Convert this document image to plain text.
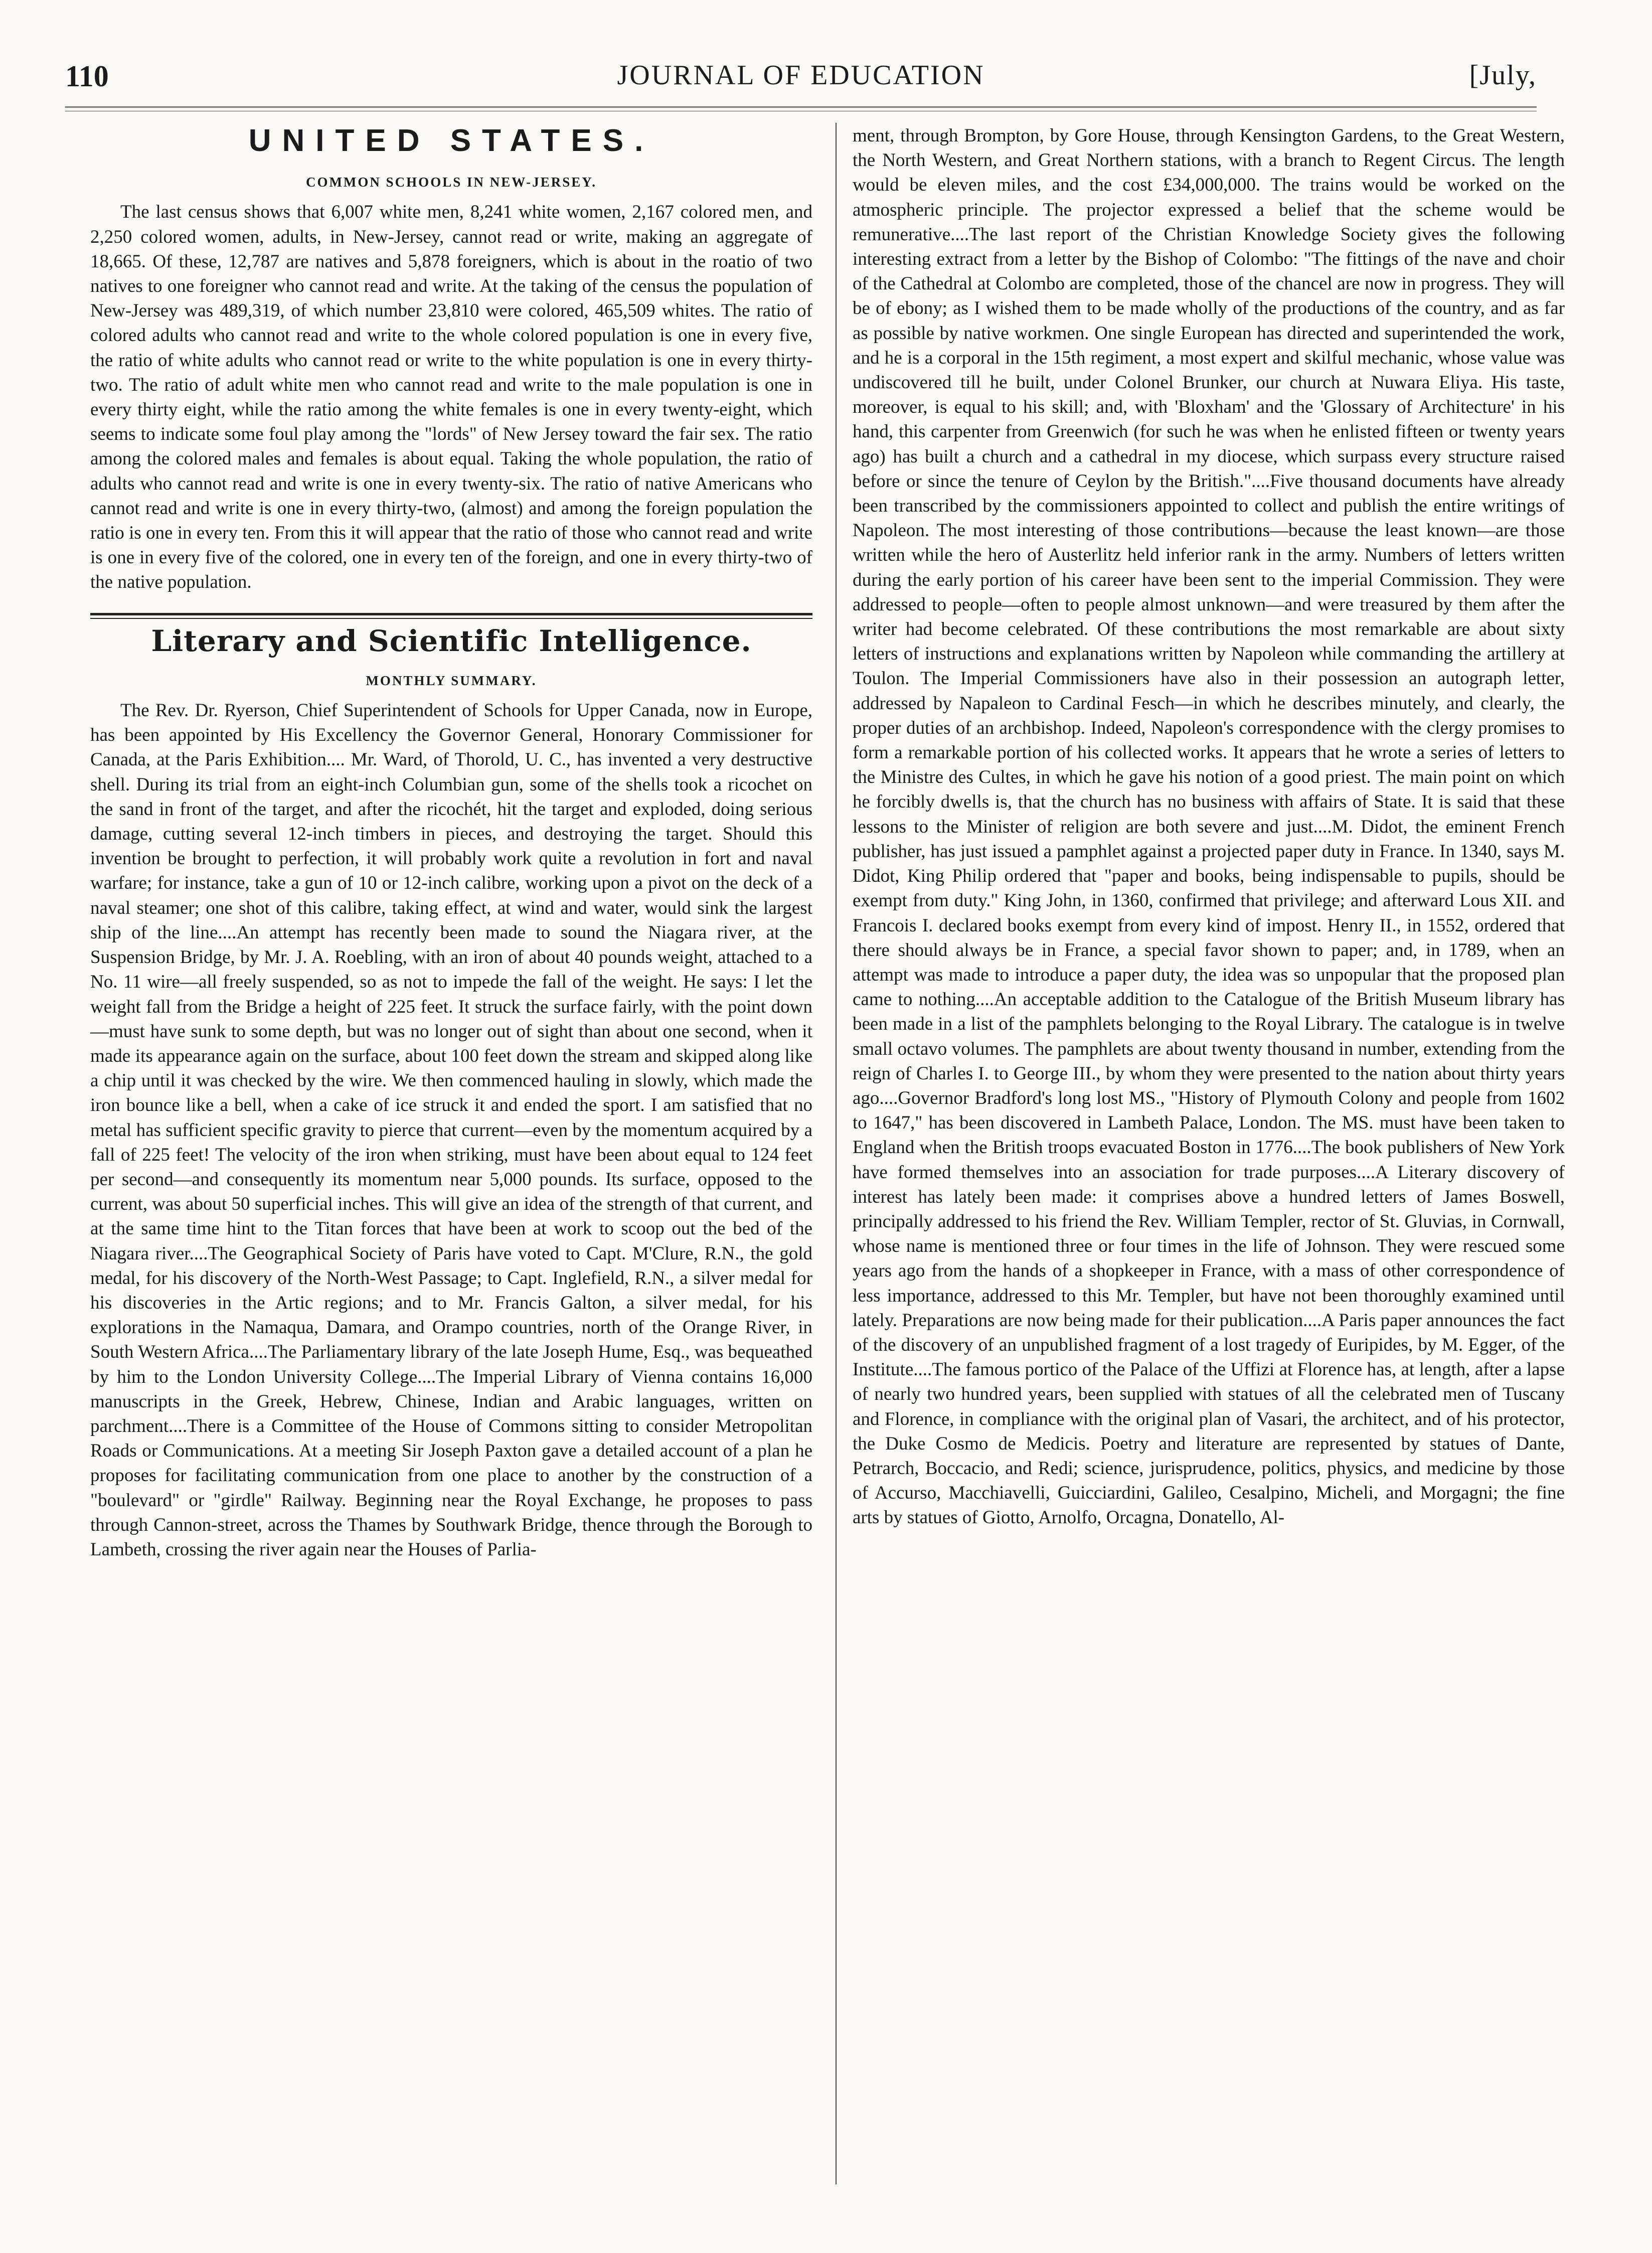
110	JOURNAL OF EDUCATION	[July,
UNITED STATES.
COMMON SCHOOLS IN NEW-JERSEY.

The last census shows that 6,007 white men, 8,241 white women, 2,167 colored men, and 2,250 colored women, adults, in New-Jersey, cannot read or write, making an aggregate of 18,665. Of these, 12,787 are natives and 5,878 foreigners, which is about in the roatio of two natives to one foreigner who cannot read and write. At the taking of the census the population of New-Jersey was 489,319, of which number 23,810 were colored, 465,509 whites. The ratio of colored adults who cannot read and write to the whole colored population is one in every five, the ratio of white adults who cannot read or write to the white population is one in every thirty-two. The ratio of adult white men who cannot read and write to the male population is one in every thirty eight, while the ratio among the white females is one in every twenty-eight, which seems to indicate some foul play among the "lords" of New Jersey toward the fair sex. The ratio among the colored males and females is about equal. Taking the whole population, the ratio of adults who cannot read and write is one in every twenty-six. The ratio of native Americans who cannot read and write is one in every thirty-two, (almost) and among the foreign population the ratio is one in every ten. From this it will appear that the ratio of those who cannot read and write is one in every five of the colored, one in every ten of the foreign, and one in every thirty-two of the native population.

Literary and Scientific Intelligence.
MONTHLY SUMMARY.

The Rev. Dr. Ryerson, Chief Superintendent of Schools for Upper Canada, now in Europe, has been appointed by His Excellency the Governor General, Honorary Commissioner for Canada, at the Paris Exhibition.... Mr. Ward, of Thorold, U. C., has invented a very destructive shell. During its trial from an eight-inch Columbian gun, some of the shells took a ricochet on the sand in front of the target, and after the ricochét, hit the target and exploded, doing serious damage, cutting several 12-inch timbers in pieces, and destroying the target. Should this invention be brought to perfection, it will probably work quite a revolution in fort and naval warfare; for instance, take a gun of 10 or 12-inch calibre, working upon a pivot on the deck of a naval steamer; one shot of this calibre, taking effect, at wind and water, would sink the largest ship of the line....An attempt has recently been made to sound the Niagara river, at the Suspension Bridge, by Mr. J. A. Roebling, with an iron of about 40 pounds weight, attached to a No. 11 wire—all freely suspended, so as not to impede the fall of the weight. He says: I let the weight fall from the Bridge a height of 225 feet. It struck the surface fairly, with the point down—must have sunk to some depth, but was no longer out of sight than about one second, when it made its appearance again on the surface, about 100 feet down the stream and skipped along like a chip until it was checked by the wire. We then commenced hauling in slowly, which made the iron bounce like a bell, when a cake of ice struck it and ended the sport. I am satisfied that no metal has sufficient specific gravity to pierce that current—even by the momentum acquired by a fall of 225 feet! The velocity of the iron when striking, must have been about equal to 124 feet per second—and consequently its momentum near 5,000 pounds. Its surface, opposed to the current, was about 50 superficial inches. This will give an idea of the strength of that current, and at the same time hint to the Titan forces that have been at work to scoop out the bed of the Niagara river....The Geographical Society of Paris have voted to Capt. M'Clure, R.N., the gold medal, for his discovery of the North-West Passage; to Capt. Inglefield, R.N., a silver medal for his discoveries in the Artic regions; and to Mr. Francis Galton, a silver medal, for his explorations in the Namaqua, Damara, and Orampo countries, north of the Orange River, in South Western Africa....The Parliamentary library of the late Joseph Hume, Esq., was bequeathed by him to the London University College....The Imperial Library of Vienna contains 16,000 manuscripts in the Greek, Hebrew, Chinese, Indian and Arabic languages, written on parchment....There is a Committee of the House of Commons sitting to consider Metropolitan Roads or Communications. At a meeting Sir Joseph Paxton gave a detailed account of a plan he proposes for facilitating communication from one place to another by the construction of a "boulevard" or "girdle" Railway. Beginning near the Royal Exchange, he proposes to pass through Cannon-street, across the Thames by Southwark Bridge, thence through the Borough to Lambeth, crossing the river again near the Houses of Parlia-

ment, through Brompton, by Gore House, through Kensington Gardens, to the Great Western, the North Western, and Great Northern stations, with a branch to Regent Circus. The length would be eleven miles, and the cost £34,000,000. The trains would be worked on the atmospheric principle. The projector expressed a belief that the scheme would be remunerative....The last report of the Christian Knowledge Society gives the following interesting extract from a letter by the Bishop of Colombo: "The fittings of the nave and choir of the Cathedral at Colombo are completed, those of the chancel are now in progress. They will be of ebony; as I wished them to be made wholly of the productions of the country, and as far as possible by native workmen. One single European has directed and superintended the work, and he is a corporal in the 15th regiment, a most expert and skilful mechanic, whose value was undiscovered till he built, under Colonel Brunker, our church at Nuwara Eliya. His taste, moreover, is equal to his skill; and, with 'Bloxham' and the 'Glossary of Architecture' in his hand, this carpenter from Greenwich (for such he was when he enlisted fifteen or twenty years ago) has built a church and a cathedral in my diocese, which surpass every structure raised before or since the tenure of Ceylon by the British."....Five thousand documents have already been transcribed by the commissioners appointed to collect and publish the entire writings of Napoleon. The most interesting of those contributions—because the least known—are those written while the hero of Austerlitz held inferior rank in the army. Numbers of letters written during the early portion of his career have been sent to the imperial Commission. They were addressed to people—often to people almost unknown—and were treasured by them after the writer had become celebrated. Of these contributions the most remarkable are about sixty letters of instructions and explanations written by Napoleon while commanding the artillery at Toulon. The Imperial Commissioners have also in their possession an autograph letter, addressed by Napaleon to Cardinal Fesch—in which he describes minutely, and clearly, the proper duties of an archbishop. Indeed, Napoleon's correspondence with the clergy promises to form a remarkable portion of his collected works. It appears that he wrote a series of letters to the Ministre des Cultes, in which he gave his notion of a good priest. The main point on which he forcibly dwells is, that the church has no business with affairs of State. It is said that these lessons to the Minister of religion are both severe and just....M. Didot, the eminent French publisher, has just issued a pamphlet against a projected paper duty in France. In 1340, says M. Didot, King Philip ordered that "paper and books, being indispensable to pupils, should be exempt from duty." King John, in 1360, confirmed that privilege; and afterward Lous XII. and Francois I. declared books exempt from every kind of impost. Henry II., in 1552, ordered that there should always be in France, a special favor shown to paper; and, in 1789, when an attempt was made to introduce a paper duty, the idea was so unpopular that the proposed plan came to nothing....An acceptable addition to the Catalogue of the British Museum library has been made in a list of the pamphlets belonging to the Royal Library. The catalogue is in twelve small octavo volumes. The pamphlets are about twenty thousand in number, extending from the reign of Charles I. to George III., by whom they were presented to the nation about thirty years ago....Governor Bradford's long lost MS., "History of Plymouth Colony and people from 1602 to 1647," has been discovered in Lambeth Palace, London. The MS. must have been taken to England when the British troops evacuated Boston in 1776....The book publishers of New York have formed themselves into an association for trade purposes....A Literary discovery of interest has lately been made: it comprises above a hundred letters of James Boswell, principally addressed to his friend the Rev. William Templer, rector of St. Gluvias, in Cornwall, whose name is mentioned three or four times in the life of Johnson. They were rescued some years ago from the hands of a shopkeeper in France, with a mass of other correspondence of less importance, addressed to this Mr. Templer, but have not been thoroughly examined until lately. Preparations are now being made for their publication....A Paris paper announces the fact of the discovery of an unpublished fragment of a lost tragedy of Euripides, by M. Egger, of the Institute....The famous portico of the Palace of the Uffizi at Florence has, at length, after a lapse of nearly two hundred years, been supplied with statues of all the celebrated men of Tuscany and Florence, in compliance with the original plan of Vasari, the architect, and of his protector, the Duke Cosmo de Medicis. Poetry and literature are represented by statues of Dante, Petrarch, Boccacio, and Redi; science, jurisprudence, politics, physics, and medicine by those of Accurso, Macchiavelli, Guicciardini, Galileo, Cesalpino, Micheli, and Morgagni; the fine arts by statues of Giotto, Arnolfo, Orcagna, Donatello, Al-
